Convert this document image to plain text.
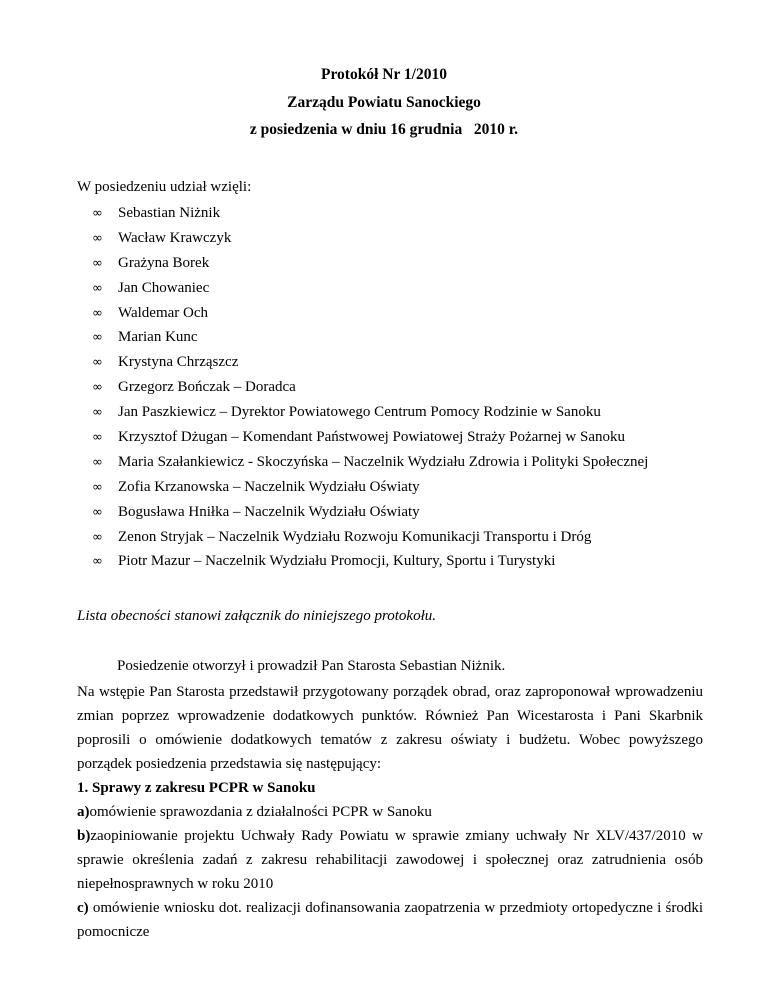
Protokół Nr 1/2010
Zarządu Powiatu Sanockiego
z posiedzenia w dniu 16 grudnia   2010 r.
W posiedzeniu udział wzięli:
∞ Sebastian Niżnik
∞ Wacław Krawczyk
∞ Grażyna Borek
∞ Jan Chowaniec
∞ Waldemar Och
∞ Marian Kunc
∞ Krystyna Chrząszcz
∞ Grzegorz Bończak – Doradca
∞ Jan Paszkiewicz – Dyrektor Powiatowego Centrum Pomocy Rodzinie w Sanoku
∞ Krzysztof Dżugan – Komendant Państwowej Powiatowej Straży Pożarnej w Sanoku
∞ Maria Szałankiewicz - Skoczyńska – Naczelnik Wydziału Zdrowia i Polityki Społecznej
∞ Zofia Krzanowska – Naczelnik Wydziału Oświaty
∞ Bogusława Hniłka – Naczelnik Wydziału Oświaty
∞ Zenon Stryjak – Naczelnik Wydziału Rozwoju Komunikacji Transportu i Dróg
∞ Piotr Mazur – Naczelnik Wydziału Promocji, Kultury, Sportu i Turystyki
Lista obecności stanowi załącznik do niniejszego protokołu.
Posiedzenie otworzył i prowadził Pan Starosta Sebastian Niżnik.
Na wstępie Pan Starosta przedstawił przygotowany porządek obrad, oraz zaproponował wprowadzeniu zmian poprzez wprowadzenie dodatkowych punktów. Również Pan Wicestarosta i Pani Skarbnik poprosili o omówienie dodatkowych tematów z zakresu oświaty i budżetu. Wobec powyższego porządek posiedzenia przedstawia się następujący:
1. Sprawy z zakresu PCPR w Sanoku
a)omówienie sprawozdania z działalności PCPR w Sanoku
b)zaopiniowanie projektu Uchwały Rady Powiatu w sprawie zmiany uchwały Nr XLV/437/2010 w sprawie określenia zadań z zakresu rehabilitacji zawodowej i społecznej oraz zatrudnienia osób niepełnosprawnych w roku 2010
c) omówienie wniosku dot. realizacji dofinansowania zaopatrzenia w przedmioty ortopedyczne i środki pomocnicze
